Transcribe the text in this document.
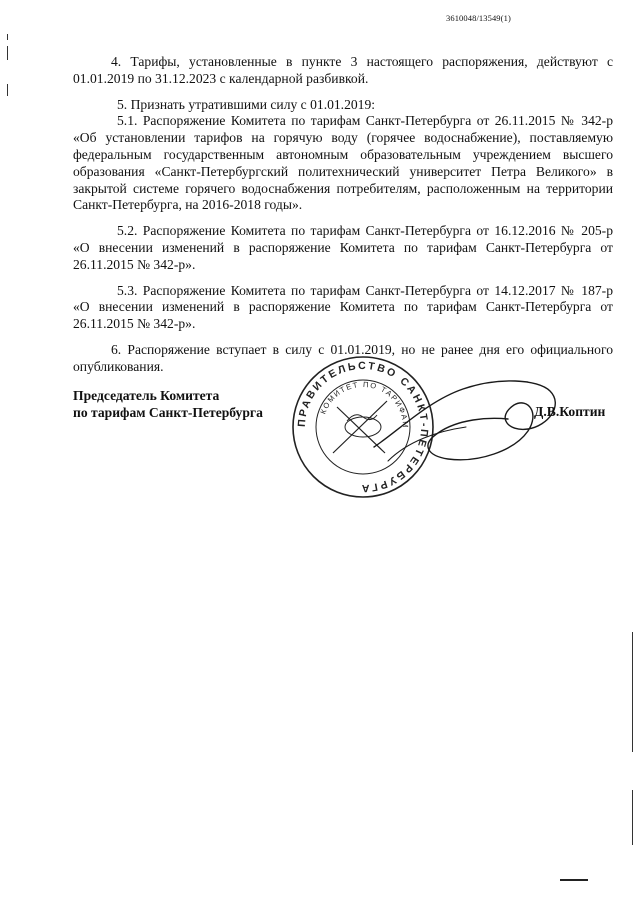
3610048/13549(1)

4. Тарифы, установленные в пункте 3 настоящего распоряжения, действуют с 01.01.2019 по 31.12.2023 с календарной разбивкой.

5. Признать утратившими силу с 01.01.2019:

5.1. Распоряжение Комитета по тарифам Санкт-Петербурга от 26.11.2015 № 342-р «Об установлении тарифов на горячую воду (горячее водоснабжение), поставляемую федеральным государственным автономным образовательным учреждением высшего образования «Санкт-Петербургский политехнический университет Петра Великого» в закрытой системе горячего водоснабжения потребителям, расположенным на территории Санкт-Петербурга, на 2016-2018 годы».

5.2. Распоряжение Комитета по тарифам Санкт-Петербурга от 16.12.2016 № 205-р «О внесении изменений в распоряжение Комитета по тарифам Санкт-Петербурга от 26.11.2015 № 342-р».

5.3. Распоряжение Комитета по тарифам Санкт-Петербурга от 14.12.2017 № 187-р «О внесении изменений в распоряжение Комитета по тарифам Санкт-Петербурга от 26.11.2015 № 342-р».

6. Распоряжение вступает в силу с 01.01.2019, но не ранее дня его официального опубликования.

Председатель Комитета
по тарифам Санкт-Петербурга
ПРАВИТЕЛЬСТВО САНКТ-ПЕТЕРБУРГА
КОМИТЕТ ПО ТАРИФАМ
Д.В.Коптин
